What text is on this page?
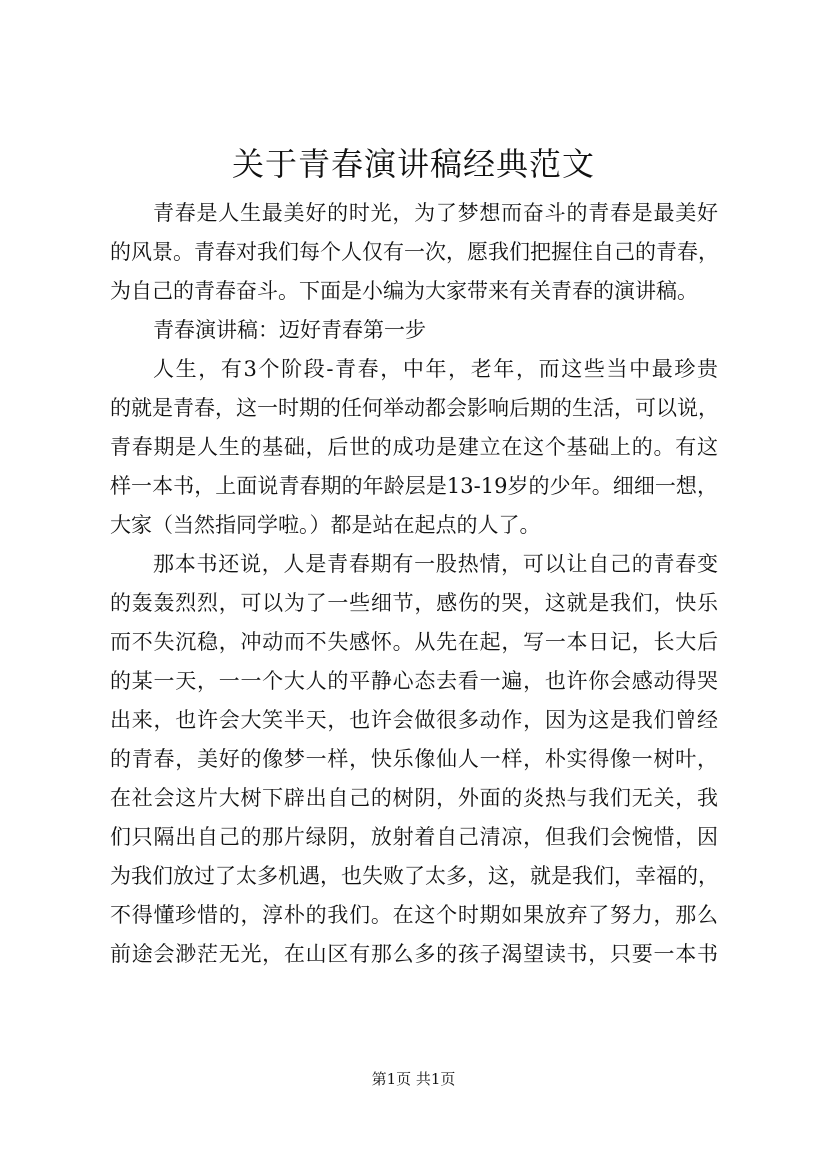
关于青春演讲稿经典范文
青春是人生最美好的时光，为了梦想而奋斗的青春是最美好
的风景。青春对我们每个人仅有一次，愿我们把握住自己的青春，
为自己的青春奋斗。下面是小编为大家带来有关青春的演讲稿。
青春演讲稿：迈好青春第一步
人生，有3个阶段-青春，中年，老年，而这些当中最珍贵
的就是青春，这一时期的任何举动都会影响后期的生活，可以说，
青春期是人生的基础，后世的成功是建立在这个基础上的。有这
样一本书，上面说青春期的年龄层是13-19岁的少年。细细一想，
大家（当然指同学啦。）都是站在起点的人了。
那本书还说，人是青春期有一股热情，可以让自己的青春变
的轰轰烈烈，可以为了一些细节，感伤的哭，这就是我们，快乐
而不失沉稳，冲动而不失感怀。从先在起，写一本日记，长大后
的某一天，一一个大人的平静心态去看一遍，也许你会感动得哭
出来，也许会大笑半天，也许会做很多动作，因为这是我们曾经
的青春，美好的像梦一样，快乐像仙人一样，朴实得像一树叶，
在社会这片大树下辟出自己的树阴，外面的炎热与我们无关，我
们只隔出自己的那片绿阴，放射着自己清凉，但我们会惋惜，因
为我们放过了太多机遇，也失败了太多，这，就是我们，幸福的，
不得懂珍惜的，淳朴的我们。在这个时期如果放弃了努力，那么
前途会渺茫无光，在山区有那么多的孩子渴望读书，只要一本书
第1页 共1页
